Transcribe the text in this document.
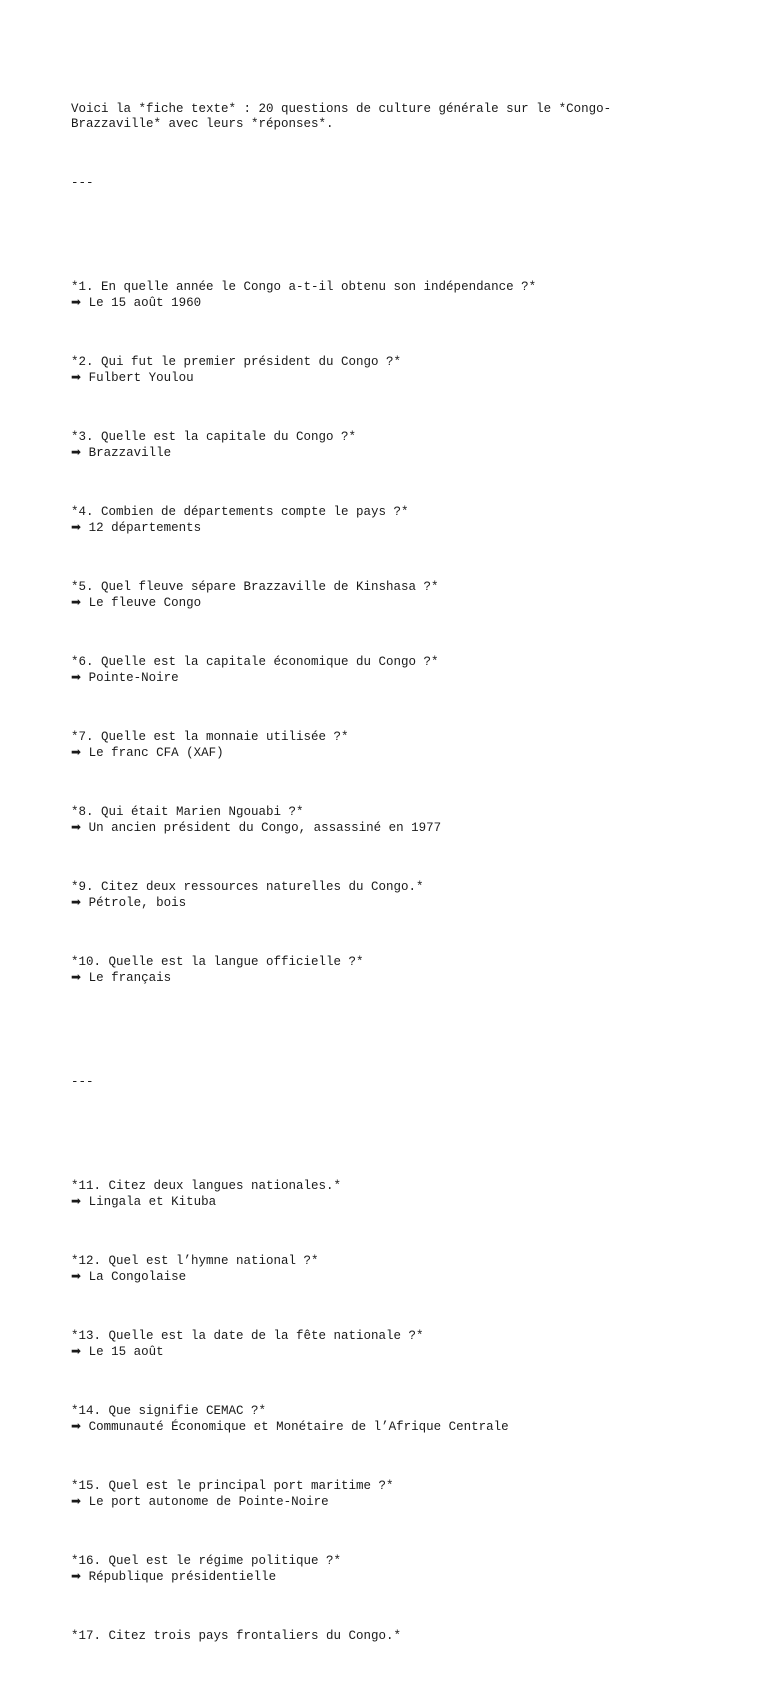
Voici la *fiche texte* : 20 questions de culture générale sur le *Congo-Brazzaville* avec leurs *réponses*.

---

*1. En quelle année le Congo a-t-il obtenu son indépendance ?*
➡ Le 15 août 1960

*2. Qui fut le premier président du Congo ?*
➡ Fulbert Youlou

*3. Quelle est la capitale du Congo ?*
➡ Brazzaville

*4. Combien de départements compte le pays ?*
➡ 12 départements

*5. Quel fleuve sépare Brazzaville de Kinshasa ?*
➡ Le fleuve Congo

*6. Quelle est la capitale économique du Congo ?*
➡ Pointe-Noire

*7. Quelle est la monnaie utilisée ?*
➡ Le franc CFA (XAF)

*8. Qui était Marien Ngouabi ?*
➡ Un ancien président du Congo, assassiné en 1977

*9. Citez deux ressources naturelles du Congo.*
➡ Pétrole, bois

*10. Quelle est la langue officielle ?*
➡ Le français

---

*11. Citez deux langues nationales.*
➡ Lingala et Kituba

*12. Quel est l’hymne national ?*
➡ La Congolaise

*13. Quelle est la date de la fête nationale ?*
➡ Le 15 août

*14. Que signifie CEMAC ?*
➡ Communauté Économique et Monétaire de l’Afrique Centrale

*15. Quel est le principal port maritime ?*
➡ Le port autonome de Pointe-Noire

*16. Quel est le régime politique ?*
➡ République présidentielle

*17. Citez trois pays frontaliers du Congo.*
